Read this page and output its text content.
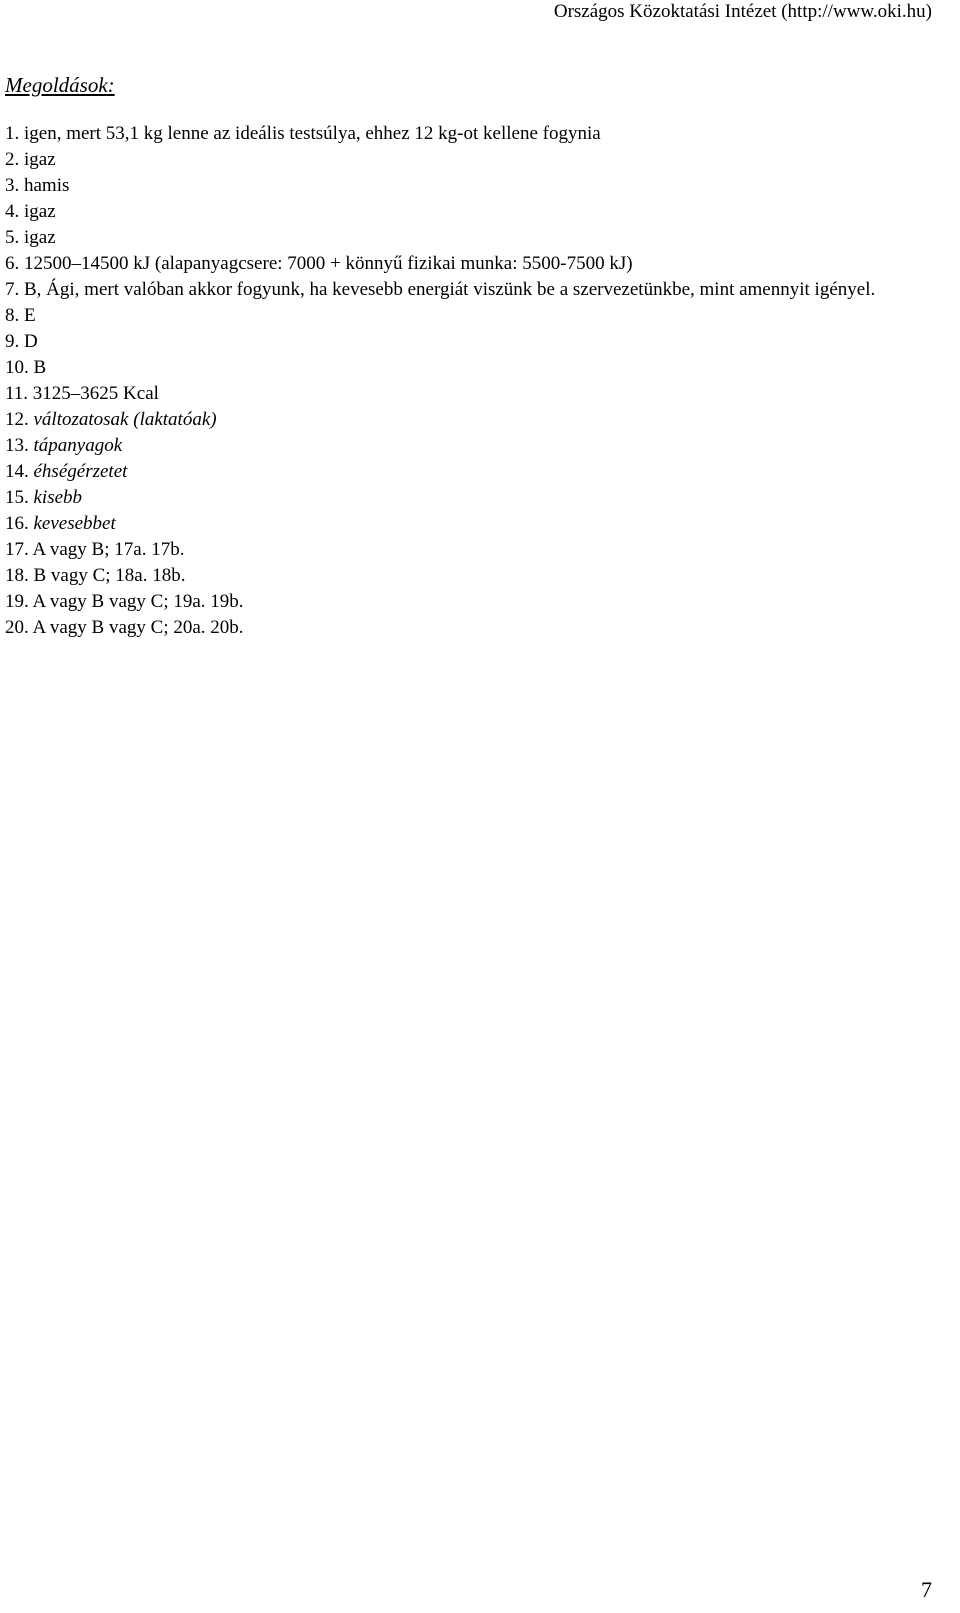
Országos Közoktatási Intézet (http://www.oki.hu)
Megoldások:
1. igen, mert 53,1 kg lenne az ideális testsúlya, ehhez 12 kg-ot kellene fogynia
2. igaz
3. hamis
4. igaz
5. igaz
6. 12500–14500 kJ (alapanyagcsere: 7000 + könnyű fizikai munka: 5500-7500 kJ)
7. B, Ági, mert valóban akkor fogyunk, ha kevesebb energiát viszünk be a szervezetünkbe, mint amennyit igényel.
8. E
9. D
10. B
11. 3125–3625 Kcal
12. változatosak (laktatóak)
13. tápanyagok
14. éhségérzetet
15. kisebb
16. kevesebbet
17. A vagy B; 17a. 17b.
18. B vagy C; 18a. 18b.
19. A vagy B vagy C; 19a. 19b.
20. A vagy B vagy C; 20a. 20b.
7
